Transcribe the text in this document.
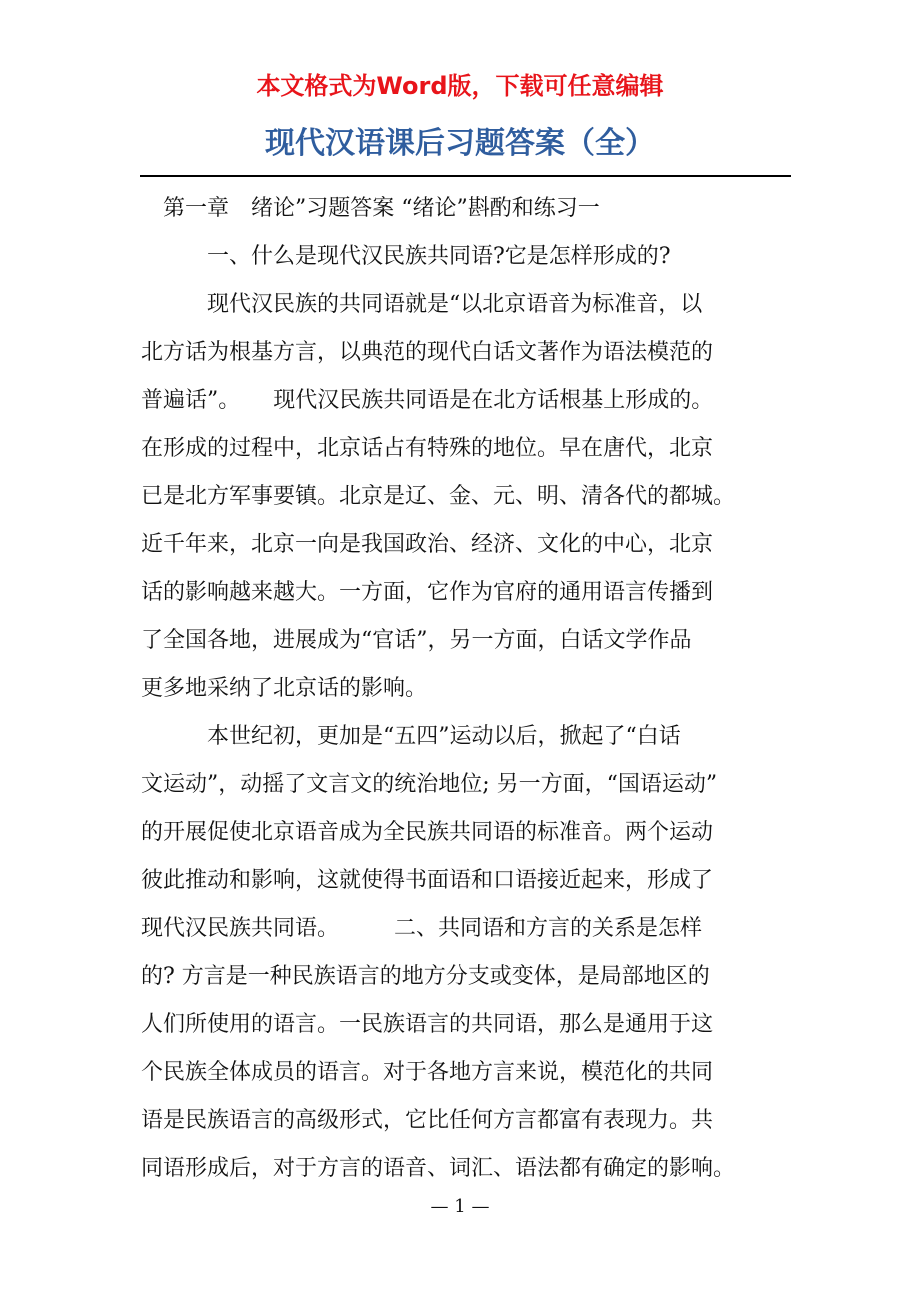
本文格式为Word版，下载可任意编辑
现代汉语课后习题答案（全）
　第一章　绪论”习题答案 “绪论”斟酌和练习一
　　　一、什么是现代汉民族共同语?它是怎样形成的?
　　　现代汉民族的共同语就是“以北京语音为标准音，以
北方话为根基方言，以典范的现代白话文著作为语法模范的
普遍话”。　　现代汉民族共同语是在北方话根基上形成的。
在形成的过程中，北京话占有特殊的地位。早在唐代，北京
已是北方军事要镇。北京是辽、金、元、明、清各代的都城。
近千年来，北京一向是我国政治、经济、文化的中心，北京
话的影响越来越大。一方面，它作为官府的通用语言传播到
了全国各地，进展成为“官话”，另一方面，白话文学作品
更多地采纳了北京话的影响。
　　　本世纪初，更加是“五四”运动以后，掀起了“白话
文运动”，动摇了文言文的统治地位; 另一方面，“国语运动”
的开展促使北京语音成为全民族共同语的标准音。两个运动
彼此推动和影响，这就使得书面语和口语接近起来，形成了
现代汉民族共同语。　　　二、共同语和方言的关系是怎样
的? 方言是一种民族语言的地方分支或变体，是局部地区的
人们所使用的语言。一民族语言的共同语，那么是通用于这
个民族全体成员的语言。对于各地方言来说，模范化的共同
语是民族语言的高级形式，它比任何方言都富有表现力。共
同语形成后，对于方言的语音、词汇、语法都有确定的影响。
— 1 —
